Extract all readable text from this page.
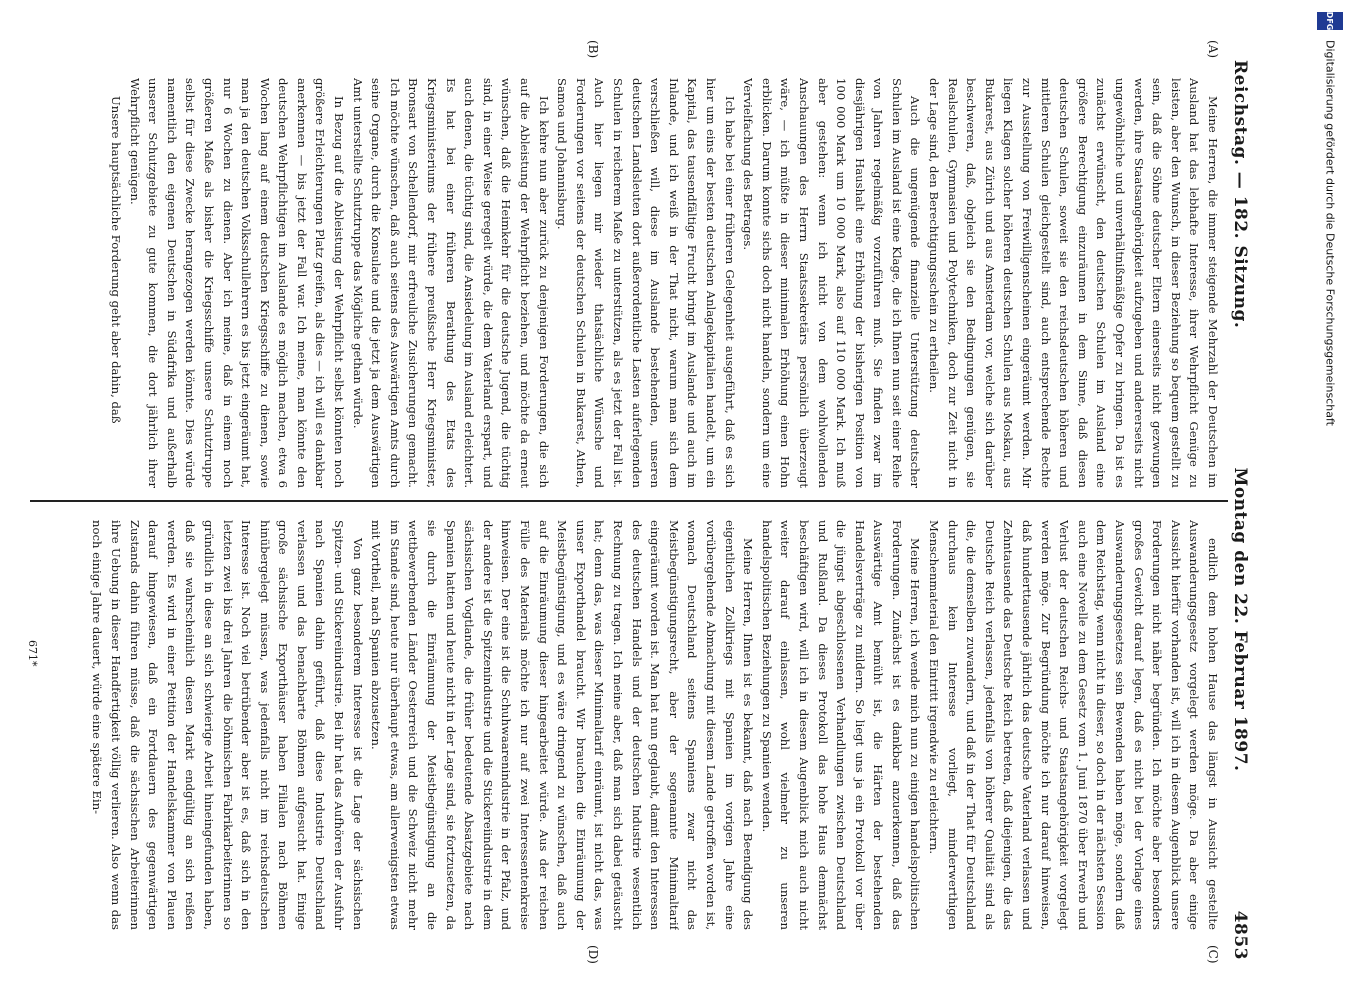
Reichstag. — 182. Sitzung.
Montag den 22. Februar 1897.
4853
(A)
(B)
(C)
(D)

Meine Herren, die immer steigende Mehrzahl der Deutschen im Ausland hat das lebhafte Interesse, ihrer Wehrpflicht Genüge zu leisten, aber den Wunsch, in dieser Beziehung so bequem gestellt zu sein, daß die Söhne deutscher Eltern einerseits nicht gezwungen werden, ihre Staatsangehörigkeit aufzugeben und andererseits nicht ungewöhnliche und unverhältnißmäßige Opfer zu bringen. Da ist es zunächst erwünscht, den deutschen Schulen im Ausland eine größere Berechtigung einzuräumen in dem Sinne, daß diesen deutschen Schulen, soweit sie den reichsdeutschen höheren und mittleren Schulen gleichgestellt sind, auch entsprechende Rechte zur Ausstellung von Freiwilligenscheinen eingeräumt werden. Mir liegen Klagen solcher höheren deutschen Schulen aus Moskau, aus Bukarest, aus Zürich und aus Amsterdam vor, welche sich darüber beschweren, daß, obgleich sie den Bedingungen genügen, sie Realschulen, Gymnasien und Polytechniken, doch zur Zeit nicht in der Lage sind, den Berechtigungsschein zu ertheilen.

Auch die ungenügende finanzielle Unterstützung deutscher Schulen im Ausland ist eine Klage, die ich Ihnen nun seit einer Reihe von Jahren regelmäßig vorzuführen muß. Sie finden zwar im diesjährigen Haushalt eine Erhöhung der bisherigen Position von 100 000 Mark um 10 000 Mark, also auf 110 000 Mark. Ich muß aber gestehen: wenn ich nicht von dem wohlwollenden Anschauungen des Herrn Staatssekretärs persönlich überzeugt wäre, — ich müßte in dieser minimalen Erhöhung einen Hohn erblicken. Darum konnte sichs doch nicht handeln, sondern um eine Vervielfachung des Betrages.

Ich habe bei einer früheren Gelegenheit ausgeführt, daß es sich hier um eins der besten deutschen Anlagekapitalien handelt, um ein Kapital, das tausendfältige Frucht bringt im Auslande und auch im Inlande, und ich weiß in der That nicht, warum man sich dem verschließen will, diese im Auslande bestehenden, unseren deutschen Landsleuten dort außerordentliche Lasten auferlegenden Schulen in reicherem Maße zu unterstützen, als es jetzt der Fall ist. Auch hier liegen mir wieder thatsächliche Wünsche und Forderungen vor seitens der deutschen Schulen in Bukarest, Athen, Samoa und Johannisburg.

Ich kehre nun aber zurück zu denjenigen Forderungen, die sich auf die Ableistung der Wehrpflicht beziehen, und möchte da erneut wünschen, daß die Heimkehr für die deutsche Jugend, die tüchtig sind, in einer Weise geregelt würde, die dem Vaterland erspart, und auch denen, die tüchtig sind, die Ansiedelung im Ausland erleichtert. Es hat bei einer früheren Berathung des Etats des Kriegsministeriums der frühere preußische Herr Kriegsminister, Bronsart von Schellendorf, mir erfreuliche Zusicherungen gemacht. Ich möchte wünschen, daß auch seitens des Auswärtigen Amts durch seine Organe, durch die Konsulate und die jetzt ja dem Auswärtigen Amt unterstellte Schutztruppe das Mögliche gethan würde.

In Bezug auf die Ableistung der Wehrpflicht selbst könnten noch größere Erleichterungen Platz greifen, als dies — ich will es dankbar anerkennen — bis jetzt der Fall war. Ich meine, man könnte den deutschen Wehrpflichtigen im Auslande es möglich machen, etwa 6 Wochen lang auf einem deutschen Kriegsschiffe zu dienen, sowie man ja den deutschen Volksschullehrern es bis jetzt eingeräumt hat, nur 6 Wochen zu dienen. Aber ich meine, daß in einem noch größeren Maße als bisher die Kriegsschiffe unsere Schutztruppe selbst für diese Zwecke herangezogen werden könnte. Dies würde namentlich den eigenen Deutschen in Südafrika und außerhalb unserer Schutzgebiete zu gute kommen, die dort jährlich ihrer Wehrpflicht genügen.

Unsere hauptsächliche Forderung geht aber dahin, daß

endlich dem hohen Hause das längst in Aussicht gestellte Auswanderungsgesetz vorgelegt werden möge. Da aber einige Aussicht hierfür vorhanden ist, will ich in diesem Augenblick unsere Forderungen nicht näher begründen. Ich möchte aber besonders großes Gewicht darauf legen, daß es nicht bei der Vorlage eines Auswanderungsgesetzes sein Bewenden haben möge, sondern daß dem Reichstag, wenn nicht in dieser, so doch in der nächsten Session auch eine Novelle zu dem Gesetz vom 1. Juni 1870 über Erwerb und Verlust der deutschen Reichs- und Staatsangehörigkeit vorgelegt werden möge. Zur Begründung möchte ich nur darauf hinweisen, daß hunderttausende jährlich das deutsche Vaterland verlassen und Zehntausende das Deutsche Reich betreten, daß diejenigen, die das Deutsche Reich verlassen, jedenfalls von höherer Qualität sind als die, die demselben zuwandern, und daß in der That für Deutschland durchaus kein Interesse vorliegt, minderwerthigen Menschenmaterial den Eintritt irgendwie zu erleichtern.

Meine Herren, ich wende mich nun zu einigen handelspolitischen Forderungen. Zunächst ist es dankbar anzuerkennen, daß das Auswärtige Amt bemüht ist, die Härten der bestehenden Handelsverträge zu mildern. So liegt uns ja ein Protokoll vor über die jüngst abgeschlossenen Verhandlungen zwischen Deutschland und Rußland. Da dieses Protokoll das hohe Haus demnächst beschäftigen wird, will ich in diesem Augenblick mich auch nicht weiter darauf einlassen, wohl vielmehr zu unseren handelspolitischen Beziehungen zu Spanien wenden.

Meine Herren, Ihnen ist es bekannt, daß nach Beendigung des eigentlichen Zollkriegs mit Spanien im vorigen Jahre eine vorübergehende Abmachung mit diesem Lande getroffen worden ist, wonach Deutschland seitens Spaniens zwar nicht das Meistbegünstigungsrecht, aber der sogenannte Minimaltarif eingeräumt worden ist. Man hat nun geglaubt, damit den Interessen des deutschen Handels und der deutschen Industrie wesentlich Rechnung zu tragen. Ich meine aber, daß man sich dabei getäuscht hat; denn das, was dieser Minimaltarif einräumt, ist nicht das, was unser Exporthandel braucht. Wir brauchen die Einräumung der Meistbegünstigung, und es wäre dringend zu wünschen, daß auch auf die Einräumung dieser hingearbeitet würde. Aus der reichen Fülle des Materials möchte ich nur auf zwei Interessentenkreise hinweisen. Der eine ist die Schuhwaarenindustrie in der Pfalz, und der andere ist die Spitzenindustrie und die Stickereiindustrie in dem sächsischen Vogtlande, die früher bedeutende Absatzgebiete nach Spanien hatten und heute nicht in der Lage sind, sie fortzusetzen, da sie durch die Einräumung der Meistbegünstigung an die wettbewerbenden Länder Oesterreich und die Schweiz nicht mehr im Stande sind, heute nur überhaupt etwas, am allerwenigsten etwas mit Vortheil, nach Spanien abzusetzen.

Von ganz besonderem Interesse ist die Lage der sächsischen Spitzen- und Stickereiindustrie. Bei ihr hat das Aufhören der Ausfuhr nach Spanien dahin geführt, daß diese Industrie Deutschland verlassen und das benachbarte Böhmen aufgesucht hat. Einige große sächsische Exporthäuser haben Filialen nach Böhmen hinübergelegt müssen, was jedenfalls nicht im reichsdeutschen Interesse ist. Noch viel betrübender aber ist es, daß sich in den letzten zwei bis drei Jahren die böhmischen Fabrikarbeiterinnen so gründlich in diese an sich schwierige Arbeit hineingefunden haben, daß sie wahrscheinlich diesen Markt endgültig an sich reißen werden. Es wird in einer Petition der Handelskammer von Plauen darauf hingewiesen, daß ein Fortdauern des gegenwärtigen Zustands dahin führen müsse, daß die sächsischen Arbeiterinnen ihre Uebung in dieser Handfertigkeit völlig verlieren. Also wenn das noch einige Jahre dauert, würde eine spätere Ein-

671*
DFG
Digitalisierung gefördert durch die Deutsche Forschungsgemeinschaft
